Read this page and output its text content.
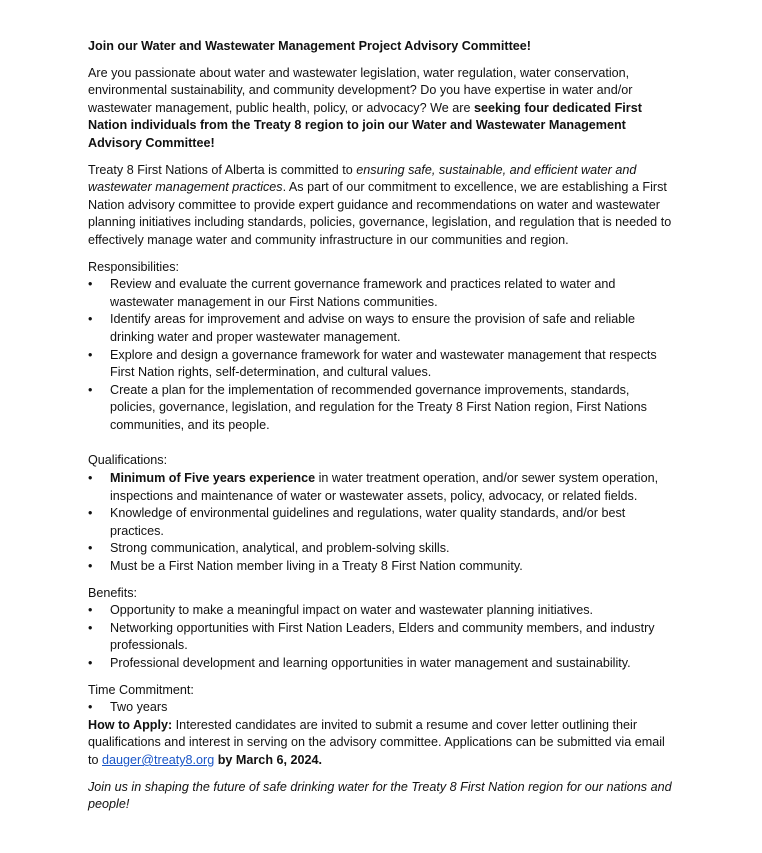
Join our Water and Wastewater Management Project Advisory Committee!

Are you passionate about water and wastewater legislation, water regulation, water conservation, environmental sustainability, and community development? Do you have expertise in water and/or wastewater management, public health, policy, or advocacy? We are seeking four dedicated First Nation individuals from the Treaty 8 region to join our Water and Wastewater Management Advisory Committee!

Treaty 8 First Nations of Alberta is committed to ensuring safe, sustainable, and efficient water and wastewater management practices. As part of our commitment to excellence, we are establishing a First Nation advisory committee to provide expert guidance and recommendations on water and wastewater planning initiatives including standards, policies, governance, legislation, and regulation that is needed to effectively manage water and community infrastructure in our communities and region.

Responsibilities:
• Review and evaluate the current governance framework and practices related to water and wastewater management in our First Nations communities.
• Identify areas for improvement and advise on ways to ensure the provision of safe and reliable drinking water and proper wastewater management.
• Explore and design a governance framework for water and wastewater management that respects First Nation rights, self-determination, and cultural values.
• Create a plan for the implementation of recommended governance improvements, standards, policies, governance, legislation, and regulation for the Treaty 8 First Nation region, First Nations communities, and its people.
Qualifications:
• Minimum of Five years experience in water treatment operation, and/or sewer system operation, inspections and maintenance of water or wastewater assets, policy, advocacy, or related fields.
• Knowledge of environmental guidelines and regulations, water quality standards, and/or best practices.
• Strong communication, analytical, and problem-solving skills.
• Must be a First Nation member living in a Treaty 8 First Nation community.
Benefits:
• Opportunity to make a meaningful impact on water and wastewater planning initiatives.
• Networking opportunities with First Nation Leaders, Elders and community members, and industry professionals.
• Professional development and learning opportunities in water management and sustainability.
Time Commitment:
• Two years

How to Apply: Interested candidates are invited to submit a resume and cover letter outlining their qualifications and interest in serving on the advisory committee. Applications can be submitted via email to dauger@treaty8.org by March 6, 2024.

Join us in shaping the future of safe drinking water for the Treaty 8 First Nation region for our nations and people!
